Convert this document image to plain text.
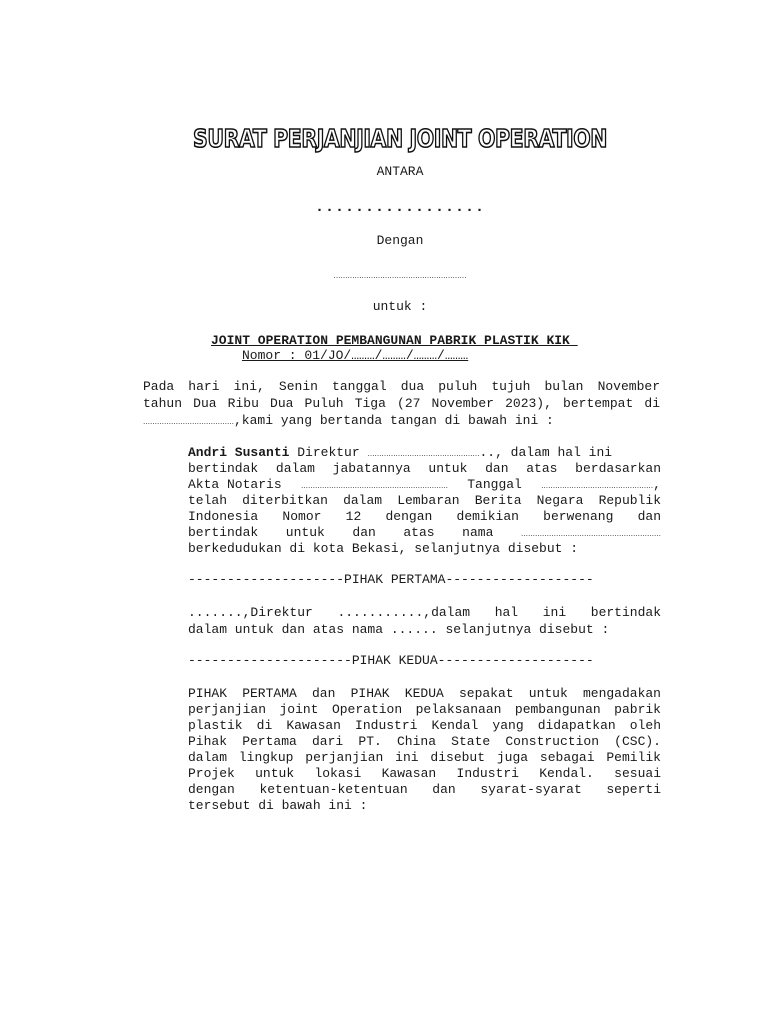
SURAT PERJANJIAN JOINT OPERATION
ANTARA
.................
Dengan
…………………………………………………
untuk :
JOINT OPERATION PEMBANGUNAN PABRIK PLASTIK KIK
Nomor : 01/JO/………/………/………/………
Pada hari ini, Senin tanggal dua puluh tujuh bulan November
tahun Dua Ribu Dua Puluh Tiga (27 November 2023), bertempat di
…………………………………,kami yang bertanda tangan di bawah ini :
Andri Susanti Direktur ………………………………………….., dalam hal ini
bertindak dalam jabatannya untuk dan atas berdasarkan
Akta Notaris	……………………………………………………… Tanggal	…………………………………………,
telah diterbitkan dalam Lembaran Berita Negara Republik
Indonesia Nomor 12 dengan demikian berwenang dan
bertindak untuk dan atas nama	……………………………………………………
berkedudukan di kota Bekasi, selanjutnya disebut :
--------------------PIHAK PERTAMA-------------------
.......,Direktur ...........,dalam hal ini bertindak
dalam untuk dan atas nama ...... selanjutnya disebut :
---------------------PIHAK KEDUA--------------------
PIHAK PERTAMA dan PIHAK KEDUA sepakat untuk mengadakan
perjanjian joint Operation pelaksanaan pembangunan pabrik
plastik di Kawasan Industri Kendal yang didapatkan oleh
Pihak Pertama dari PT. China State Construction (CSC).
dalam lingkup perjanjian ini disebut juga sebagai Pemilik
Projek untuk lokasi Kawasan Industri Kendal. sesuai
dengan ketentuan-ketentuan dan syarat-syarat seperti
tersebut di bawah ini :
